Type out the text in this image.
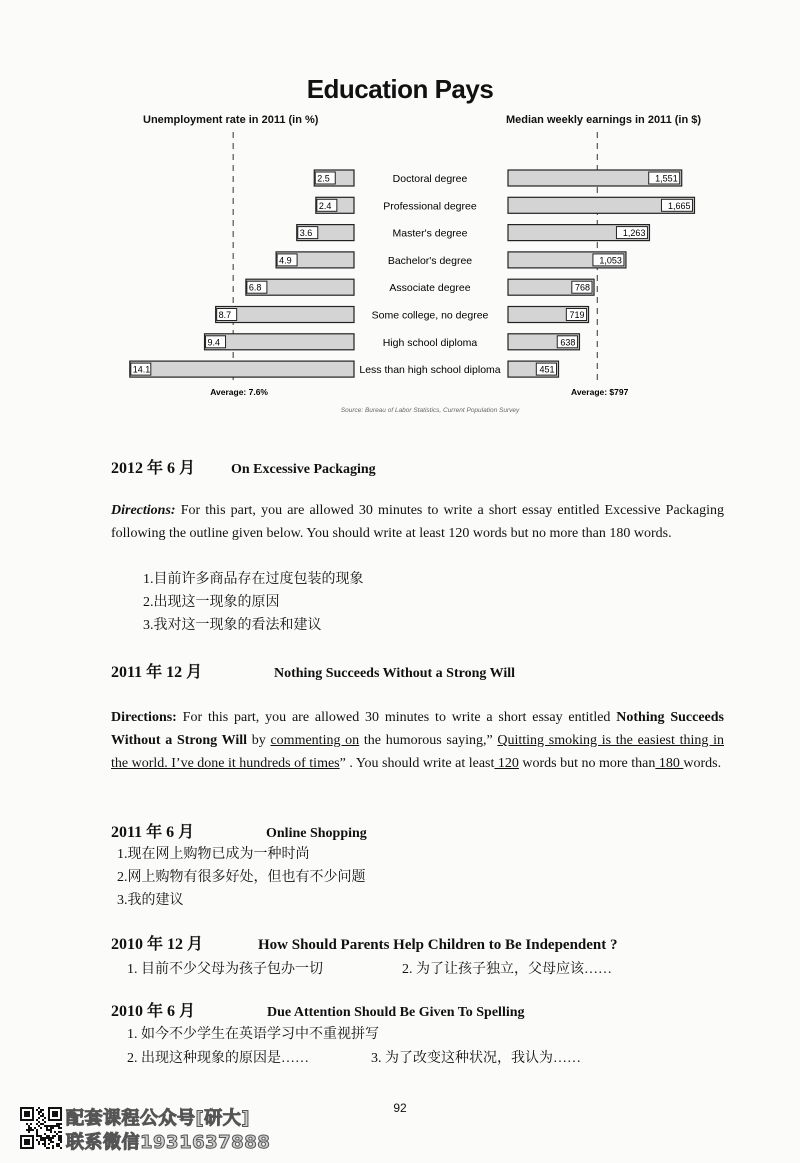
Education Pays
Unemployment rate in 2011 (in %)	Median weekly earnings in 2011 (in $)
2.5	1,551
Doctoral degree
2.4	1,665
Professional degree
3.6	1,263
Master's degree
4.9	1,053
Bachelor's degree
6.8	768
Associate degree
8.7	719
Some college, no degree
9.4	638
High school diploma
14.1	451
Less than high school diploma
Average: 7.6%	Average: $797
Source: Bureau of Labor Statistics, Current Population Survey
2012 年 6 月	On Excessive Packaging
Directions: For this part, you are allowed 30 minutes to write a short essay entitled Excessive Packaging following the outline given below. You should write at least 120 words but no more than 180 words.
1.目前许多商品存在过度包装的现象
2.出现这一现象的原因
3.我对这一现象的看法和建议
2011 年 12 月	Nothing Succeeds Without a Strong Will
Directions: For this part, you are allowed 30 minutes to write a short essay entitled Nothing Succeeds Without a Strong Will by commenting on the humorous saying,” Quitting smoking is the easiest thing in the world. I’ve done it hundreds of times” . You should write at least 120 words but no more than 180 words.
2011 年 6 月	Online Shopping
1.现在网上购物已成为一种时尚
2.网上购物有很多好处，但也有不少问题
3.我的建议
2010 年 12 月	How Should Parents Help Children to Be Independent ?
1. 目前不少父母为孩子包办一切	2. 为了让孩子独立，父母应该……
2010 年 6 月	Due Attention Should Be Given To Spelling
1. 如今不少学生在英语学习中不重视拼写
2. 出现这种现象的原因是……	3. 为了改变这种状况，我认为……
92
配套课程公众号[研大]
联系微信1931637888
